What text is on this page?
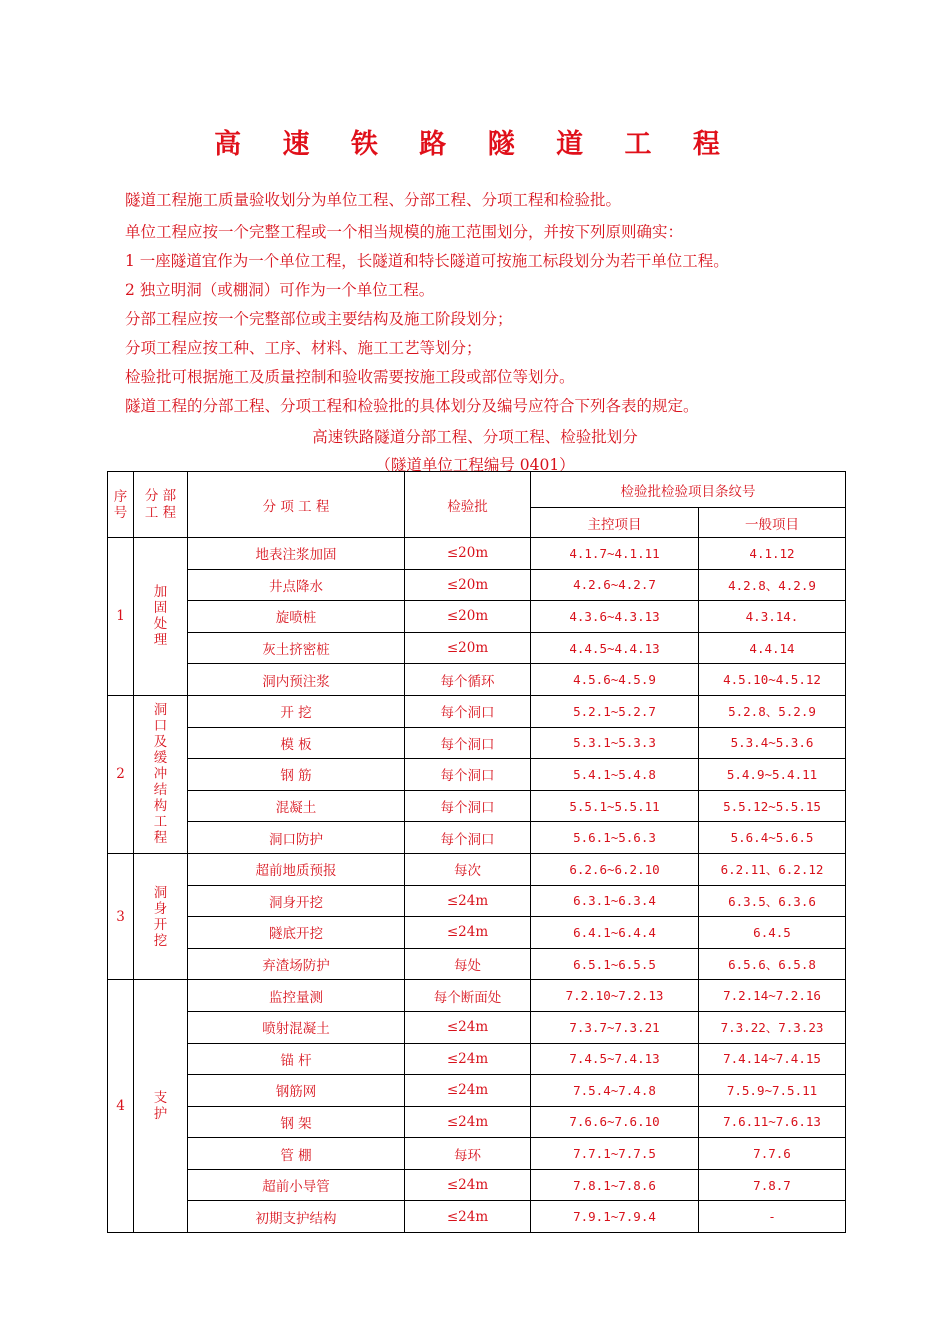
高 速 铁 路 隧 道 工 程
隧道工程施工质量验收划分为单位工程、分部工程、分项工程和检验批。
单位工程应按一个完整工程或一个相当规模的施工范围划分，并按下列原则确实：
1 一座隧道宜作为一个单位工程，长隧道和特长隧道可按施工标段划分为若干单位工程。
2 独立明洞（或棚洞）可作为一个单位工程。
分部工程应按一个完整部位或主要结构及施工阶段划分；
分项工程应按工种、工序、材料、施工工艺等划分；
检验批可根据施工及质量控制和验收需要按施工段或部位等划分。
隧道工程的分部工程、分项工程和检验批的具体划分及编号应符合下列各表的规定。
高速铁路隧道分部工程、分项工程、检验批划分
（隧道单位工程编号 0401）
序号	分 部 工 程	分 项 工 程	检验批	检验批检验项目条纹号	
				主控项目	一般项目
1	加固处理	地表注浆加固	≤20m	4.1.7~4.1.11	4.1.12
		井点降水	≤20m	4.2.6~4.2.7	4.2.8、4.2.9
		旋喷桩	≤20m	4.3.6~4.3.13	4.3.14.
		灰土挤密桩	≤20m	4.4.5~4.4.13	4.4.14
		洞内预注浆	每个循环	4.5.6~4.5.9	4.5.10~4.5.12
2	洞口及缓冲结构工程	开 挖	每个洞口	5.2.1~5.2.7	5.2.8、5.2.9
		模 板	每个洞口	5.3.1~5.3.3	5.3.4~5.3.6
		钢 筋	每个洞口	5.4.1~5.4.8	5.4.9~5.4.11
		混凝土	每个洞口	5.5.1~5.5.11	5.5.12~5.5.15
		洞口防护	每个洞口	5.6.1~5.6.3	5.6.4~5.6.5
3	洞身开挖	超前地质预报	每次	6.2.6~6.2.10	6.2.11、6.2.12
		洞身开挖	≤24m	6.3.1~6.3.4	6.3.5、6.3.6
		隧底开挖	≤24m	6.4.1~6.4.4	6.4.5
		弃渣场防护	每处	6.5.1~6.5.5	6.5.6、6.5.8
4	支护	监控量测	每个断面处	7.2.10~7.2.13	7.2.14~7.2.16
		喷射混凝土	≤24m	7.3.7~7.3.21	7.3.22、7.3.23
		锚 杆	≤24m	7.4.5~7.4.13	7.4.14~7.4.15
		钢筋网	≤24m	7.5.4~7.4.8	7.5.9~7.5.11
		钢 架	≤24m	7.6.6~7.6.10	7.6.11~7.6.13
		管 棚	每环	7.7.1~7.7.5	7.7.6
		超前小导管	≤24m	7.8.1~7.8.6	7.8.7
		初期支护结构	≤24m	7.9.1~7.9.4	-
